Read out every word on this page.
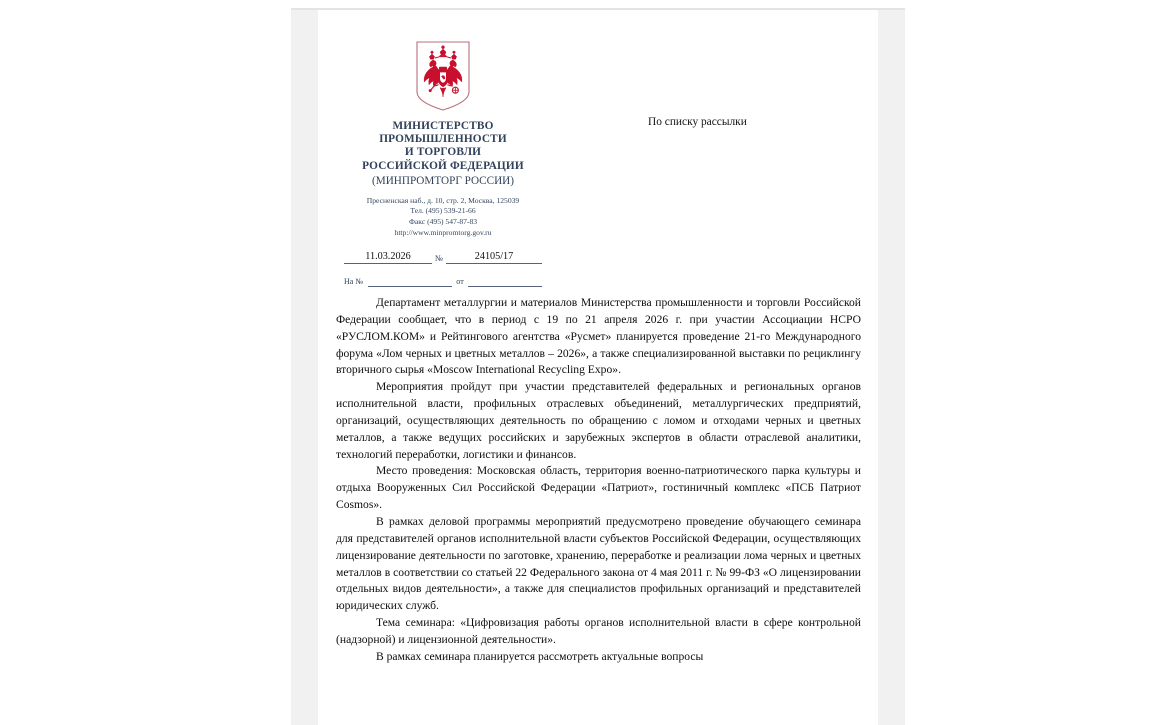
МИНИСТЕРСТВО
ПРОМЫШЛЕННОСТИ
И ТОРГОВЛИ
РОССИЙСКОЙ ФЕДЕРАЦИИ
(МИНПРОМТОРГ РОССИИ)
Пресненская наб., д. 10, стр. 2, Москва, 125039
Тел. (495) 539-21-66
Факс (495) 547-87-83
http://www.minpromtorg.gov.ru
11.03.2026	№	24105/17
На №	от
По списку рассылки

Департамент металлургии и материалов Министерства промышленности и торговли Российской Федерации сообщает, что в период с 19 по 21 апреля 2026 г. при участии Ассоциации НСРО «РУСЛОМ.КОМ» и Рейтингового агентства «Русмет» планируется проведение 21-го Международного форума «Лом черных и цветных металлов – 2026», а также специализированной выставки по рециклингу вторичного сырья «Moscow International Recycling Expo».

Мероприятия пройдут при участии представителей федеральных и региональных органов исполнительной власти, профильных отраслевых объединений, металлургических предприятий, организаций, осуществляющих деятельность по обращению с ломом и отходами черных и цветных металлов, а также ведущих российских и зарубежных экспертов в области отраслевой аналитики, технологий переработки, логистики и финансов.

Место проведения: Московская область, территория военно-патриотического парка культуры и отдыха Вооруженных Сил Российской Федерации «Патриот», гостиничный комплекс «ПСБ Патриот Cosmos».

В рамках деловой программы мероприятий предусмотрено проведение обучающего семинара для представителей органов исполнительной власти субъектов Российской Федерации, осуществляющих лицензирование деятельности по заготовке, хранению, переработке и реализации лома черных и цветных металлов в соответствии со статьей 22 Федерального закона от 4 мая 2011 г. № 99-ФЗ «О лицензировании отдельных видов деятельности», а также для специалистов профильных организаций и представителей юридических служб.

Тема семинара: «Цифровизация работы органов исполнительной власти в сфере контрольной (надзорной) и лицензионной деятельности».

В рамках семинара планируется рассмотреть актуальные вопросы
